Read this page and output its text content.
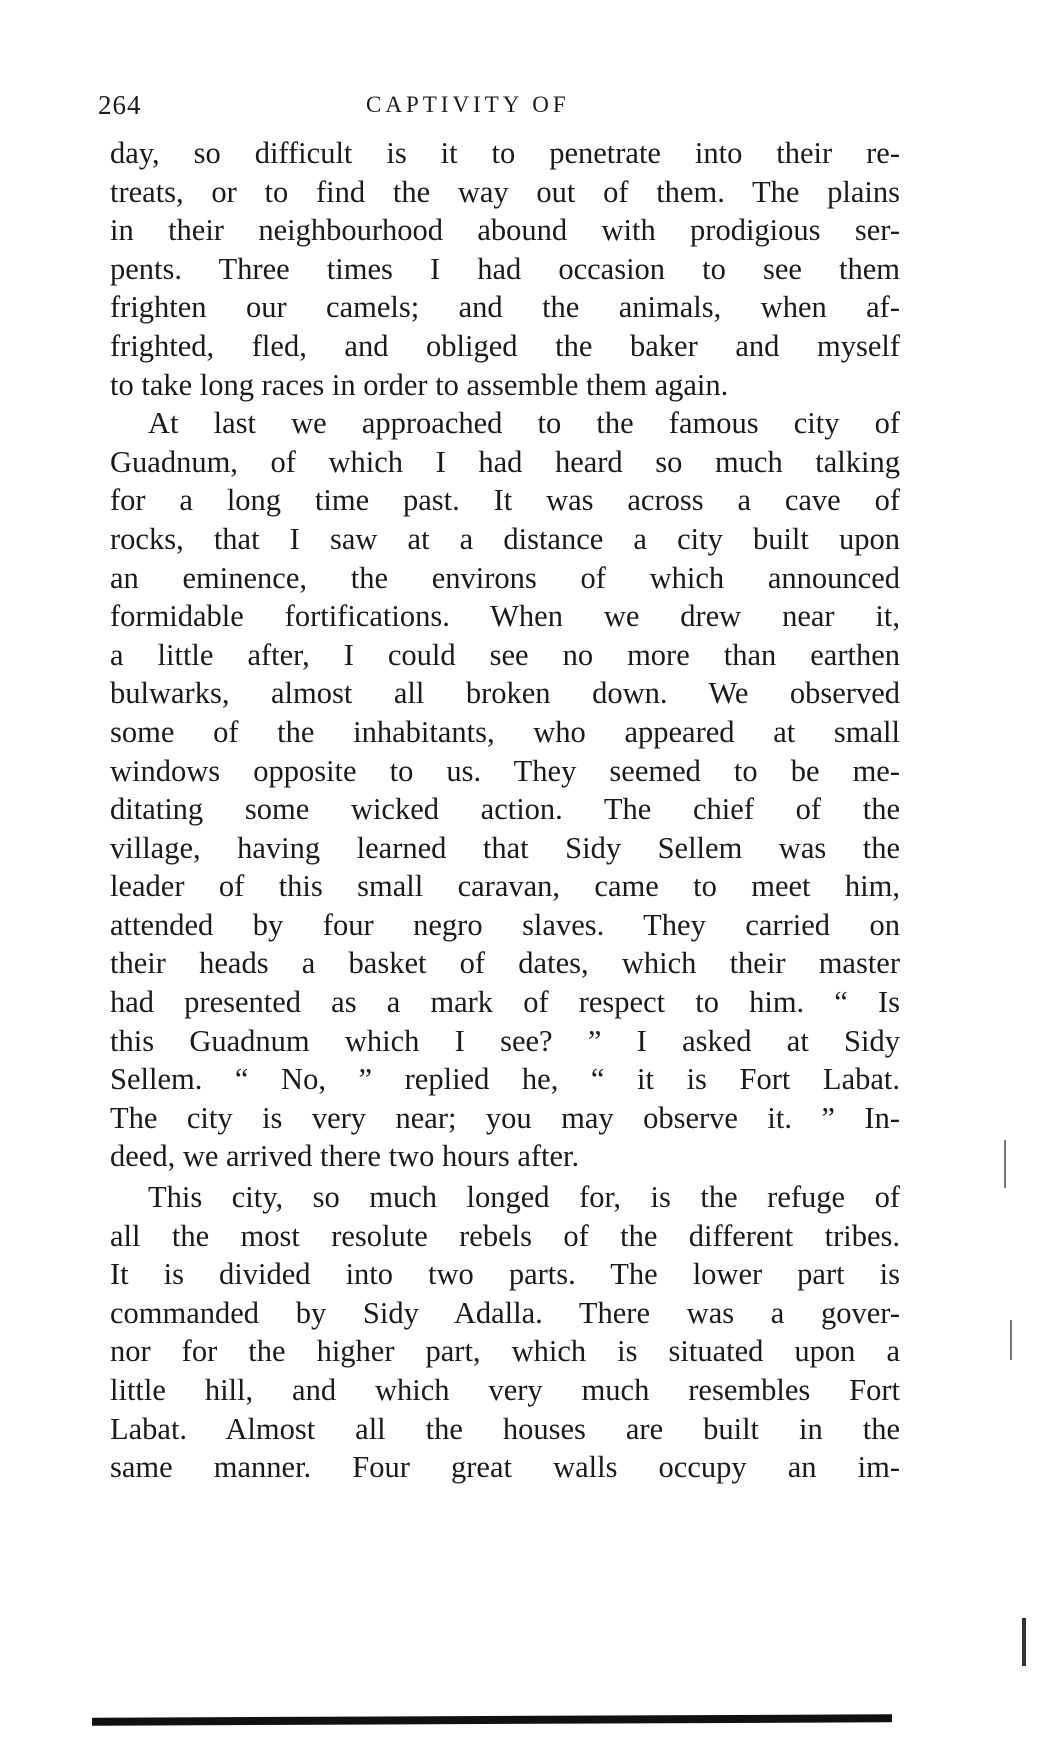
264	CAPTIVITY OF

day, so difficult is it to penetrate into their re-
treats, or to find the way out of them. The plains
in their neighbourhood abound with prodigious ser-
pents. Three times I had occasion to see them
frighten our camels; and the animals, when af-
frighted, fled, and obliged the baker and myself
to take long races in order to assemble them again.

At last we approached to the famous city of
Guadnum, of which I had heard so much talking
for a long time past. It was across a cave of
rocks, that I saw at a distance a city built upon
an eminence, the environs of which announced
formidable fortifications. When we drew near it,
a little after, I could see no more than earthen
bulwarks, almost all broken down. We observed
some of the inhabitants, who appeared at small
windows opposite to us. They seemed to be me-
ditating some wicked action. The chief of the
village, having learned that Sidy Sellem was the
leader of this small caravan, came to meet him,
attended by four negro slaves. They carried on
their heads a basket of dates, which their master
had presented as a mark of respect to him. “ Is
this Guadnum which I see? ” I asked at Sidy
Sellem. “ No, ” replied he, “ it is Fort Labat.
The city is very near; you may observe it. ” In-
deed, we arrived there two hours after.

This city, so much longed for, is the refuge of
all the most resolute rebels of the different tribes.
It is divided into two parts. The lower part is
commanded by Sidy Adalla. There was a gover-
nor for the higher part, which is situated upon a
little hill, and which very much resembles Fort
Labat. Almost all the houses are built in the
same manner. Four great walls occupy an im-
